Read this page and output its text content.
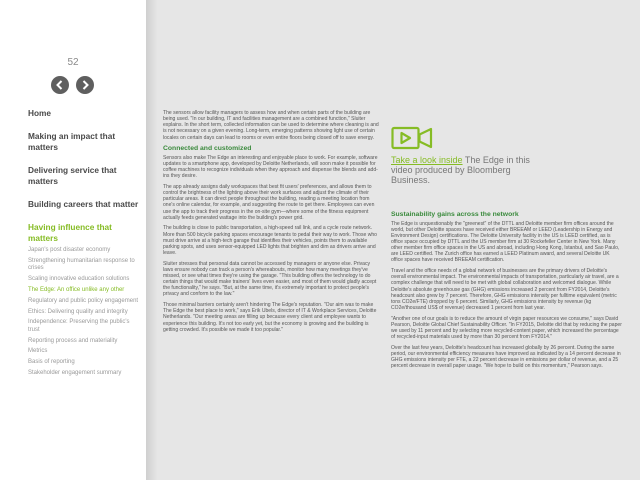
52
Home
Making an impact that matters
Delivering service that matters
Building careers that matter
Having influence that matters
Japan's post disaster economy
Strengthening humanitarian response to crises
Scaling innovative education solutions
The Edge: An office unlike any other
Regulatory and public policy engagement
Ethics: Delivering quality and integrity
Independence: Preserving the public's trust
Reporting process and materiality
Metrics
Basis of reporting
Stakeholder engagement summary

The sensors allow facility managers to assess how and when certain parts of the building are being used. "In our building, IT and facilities management are a combined function," Sluiter explains. In the short term, collected information can be used to determine where cleaning is and is not necessary on a given evening. Long-term, emerging patterns showing light use of certain locales on certain days can lead to rooms or even entire floors being closed off to save energy.

Connected and customized

Sensors also make The Edge an interesting and enjoyable place to work. For example, software updates to a smartphone app, developed by Deloitte Netherlands, will soon make it possible for coffee machines to recognize individuals when they approach and dispense the blends and add-ins they desire.

The app already assigns daily workspaces that best fit users' preferences, and allows them to control the brightness of the lighting above their work surfaces and adjust the climate of their particular areas. It can direct people throughout the building, reading a meeting location from one's online calendar, for example, and suggesting the route to get there. Employees can even use the app to track their progress in the on-site gym—where some of the fitness equipment actually feeds generated wattage into the building's power grid.

The building is close to public transportation, a high-speed rail link, and a cycle route network. More than 500 bicycle parking spaces encourage tenants to pedal their way to work. Those who must drive arrive at a high-tech garage that identifies their vehicles, points them to available parking spots, and uses sensor-equipped LED lights that brighten and dim as drivers arrive and leave.

Sluiter stresses that personal data cannot be accessed by managers or anyone else. Privacy laws ensure nobody can track a person's whereabouts, monitor how many meetings they've missed, or see what times they're using the garage. "This building offers the technology to do certain things that would make trainers' lives even easier, and most of them would gladly accept the functionality," he says. "But, at the same time, it's extremely important to protect people's privacy and conform to the law."

Those minimal barriers certainly aren't hindering The Edge's reputation. "Our aim was to make The Edge the best place to work," says Erik Ubels, director of IT & Workplace Services, Deloitte Netherlands. "Our meeting areas are filling up because every client and employee wants to experience this building. It's not too early yet, but the economy is growing and the building is getting crowded. It's possible we made it too popular."

Take a look inside The Edge in this video produced by Bloomberg Business.
Sustainability gains across the network

The Edge is unquestionably the "greenest" of the DTTL and Deloitte member firm offices around the world, but other Deloitte spaces have received either BREEAM or LEED (Leadership in Energy and Environment Design) certifications. The Deloitte University facility in the US is LEED certified, as is office space occupied by DTTL and the US member firm at 30 Rockefeller Center in New York. Many other member firm office spaces in the US and abroad, including Hong Kong, Istanbul, and Sao Paulo, are LEED certified. The Zurich office has earned a LEED Platinum award, and several Deloitte UK office spaces have received BREEAM certification.

Travel and the office needs of a global network of businesses are the primary drivers of Deloitte's overall environmental impact. The environmental impacts of transportation, particularly air travel, are a complex challenge that will need to be met with global collaboration and welcomed dialogue. While Deloitte's absolute greenhouse gas (GHG) emissions increased 2 percent from FY2014, Deloitte's headcount also grew by 7 percent. Therefore, GHG emissions intensity per fulltime equivalent (metric tons CO2e/FTE) dropped by 6 percent. Similarly, GHG emissions intensity by revenue (kg CO2e/thousand US$ of revenue) decreased 1 percent from last year.

"Another one of our goals is to reduce the amount of virgin paper resources we consume," says David Pearson, Deloitte Global Chief Sustainability Officer. "In FY2015, Deloitte did that by reducing the paper we used by 11 percent and by selecting more recycled-content paper, which increased the percentage of recycled-input materials used by more than 30 percent from FY2014."

Over the last few years, Deloitte's headcount has increased globally by 26 percent. During the same period, our environmental efficiency measures have improved as indicated by a 14 percent decrease in GHG emissions intensity per FTE, a 22 percent decrease in emissions per dollar of revenue, and a 25 percent decrease in overall paper usage. "We hope to build on this momentum," Pearson says.
